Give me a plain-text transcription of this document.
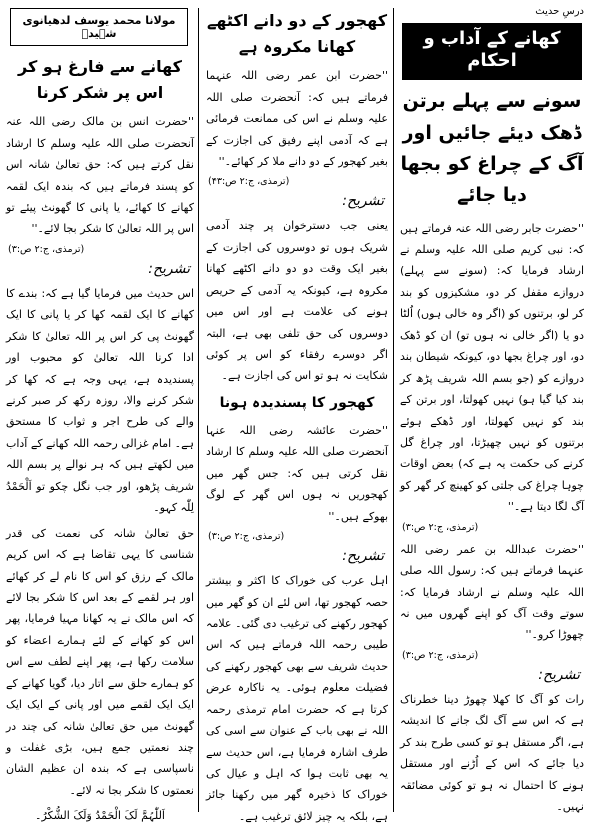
درسِ حدیث
کھانے کے آداب و احکام
سونے سے پہلے برتن ڈھک دیئے جائیں اور آگ کے چراغ کو بجھا دیا جائے

''حضرت جابر رضی اللہ عنہ فرماتے ہیں کہ: نبی کریم صلی اللہ علیہ وسلم نے ارشاد فرمایا کہ: (سونے سے پہلے) دروازے مقفل کر دو، مشکیزوں کو بند کر لو، برتنوں کو (اگر وہ خالی ہوں) اُلٹا دو یا (اگر خالی نہ ہوں تو) ان کو ڈھک دو، اور چراغ بجھا دو، کیونکہ شیطان بند دروازے کو (جو بسم اللہ شریف پڑھ کر بند کیا گیا ہو) نہیں کھولتا، اور برتن کے بند کو نہیں کھولتا، اور ڈھکے ہوئے برتنوں کو نہیں چھیڑتا، اور چراغ گل کرنے کی حکمت یہ ہے کہ) بعض اوقات چوہا چراغ کی جلتی کو کھینچ کر گھر کو آگ لگا دیتا ہے۔''

(ترمذی، ج:۲ ص:۳)

''حضرت عبداللہ بن عمر رضی اللہ عنہما فرماتے ہیں کہ: رسول اللہ صلی اللہ علیہ وسلم نے ارشاد فرمایا کہ: سوتے وقت آگ کو اپنے گھروں میں نہ چھوڑا کرو۔''

(ترمذی، ج:۲ ص:۳)
تشریح:

رات کو آگ کا کھلا چھوڑ دینا خطرناک ہے کہ اس سے آگ لگ جانے کا اندیشہ ہے، اگر مستقل ہو تو کسی طرح بند کر دیا جائے کہ اس کے اُڑنے اور مستقل ہونے کا احتمال نہ ہو تو کوئی مضائقہ نہیں۔

کھجور کے دو دانے اکٹھے
کھانا مکروہ ہے

''حضرت ابن عمر رضی اللہ عنہما فرماتے ہیں کہ: آنحضرت صلی اللہ علیہ وسلم نے اس کی ممانعت فرمائی ہے کہ آدمی اپنے رفیق کی اجازت کے بغیر کھجور کے دو دانے ملا کر کھائے۔''

(ترمذی، ج:۲ ص:۴۳)
تشریح:

یعنی جب دسترخوان پر چند آدمی شریک ہوں تو دوسروں کی اجازت کے بغیر ایک وقت دو دو دانے اکٹھے کھانا مکروہ ہے، کیونکہ یہ آدمی کے حریص ہونے کی علامت ہے اور اس میں دوسروں کی حق تلفی بھی ہے، البتہ اگر دوسرے رفقاء کو اس پر کوئی شکایت نہ ہو تو اس کی اجازت ہے۔

کھجور کا پسندیدہ ہونا

''حضرت عائشہ رضی اللہ عنہا آنحضرت صلی اللہ علیہ وسلم کا ارشاد نقل کرتی ہیں کہ: جس گھر میں کھجوریں نہ ہوں اس گھر کے لوگ بھوکے ہیں۔''

(ترمذی، ج:۲ ص:۳)
تشریح:

اہل عرب کی خوراک کا اکثر و بیشتر حصہ کھجور تھا، اس لئے ان کو گھر میں کھجور رکھنے کی ترغیب دی گئی۔ علامہ طیبی رحمہ اللہ فرماتے ہیں کہ اس حدیث شریف سے بھی کھجور رکھنے کی فضیلت معلوم ہوئی۔ یہ ناکارہ عرض کرتا ہے کہ حضرت امام ترمذی رحمہ اللہ نے بھی باب کے عنوان سے اسی کی طرف اشارہ فرمایا ہے، اس حدیث سے یہ بھی ثابت ہوا کہ اہل و عیال کی خوراک کا ذخیرہ گھر میں رکھنا جائز ہے، بلکہ یہ چیز لائق ترغیب ہے۔

مولانا محمد یوسف لدھیانوی شہیدؒ
کھانے سے فارغ ہو کر
اس پر شکر کرنا

''حضرت انس بن مالک رضی اللہ عنہ آنحضرت صلی اللہ علیہ وسلم کا ارشاد نقل کرتے ہیں کہ: حق تعالیٰ شانہ اس کو پسند فرماتے ہیں کہ بندہ ایک لقمہ کھانے کا کھائے، یا پانی کا گھونٹ پیئے تو اس پر اللہ تعالیٰ کا شکر بجا لائے۔''

(ترمذی، ج:۲ ص:۳)
تشریح:

اس حدیث میں فرمایا گیا ہے کہ: بندے کا کھانے کا ایک لقمہ کھا کر یا پانی کا ایک گھونٹ پی کر اس پر اللہ تعالیٰ کا شکر ادا کرنا اللہ تعالیٰ کو محبوب اور پسندیدہ ہے، یہی وجہ ہے کہ کھا کر شکر کرنے والا، روزہ رکھ کر صبر کرنے والے کی طرح اجر و ثواب کا مستحق ہے۔ امام غزالی رحمہ اللہ کھانے کے آداب میں لکھتے ہیں کہ ہر نوالے پر بسم اللہ شریف پڑھو، اور جب نگل چکو تو اَلْحَمْدُ لِلّٰہ کہو۔

حق تعالیٰ شانہ کی نعمت کی قدر شناسی کا یہی تقاضا ہے کہ اس کریم مالک کے رزق کو اس کا نام لے کر کھائے اور ہر لقمے کے بعد اس کا شکر بجا لائے کہ اس مالک نے یہ کھانا مہیا فرمایا، پھر اس کو کھانے کے لئے ہمارے اعضاء کو سلامت رکھا ہے، پھر اپنے لطف سے اس کو ہمارے حلق سے اتار دیا، گویا کھانے کے ایک ایک لقمے میں اور پانی کے ایک ایک گھونٹ میں حق تعالیٰ شانہ کی چند در چند نعمتیں جمع ہیں، بڑی غفلت و ناسپاسی ہے کہ بندہ ان عظیم الشان نعمتوں کا شکر بجا نہ لائے۔

اَللّٰہُمَّ لَکَ الْحَمْدُ وَلَکَ الشُّکْرُ۔
